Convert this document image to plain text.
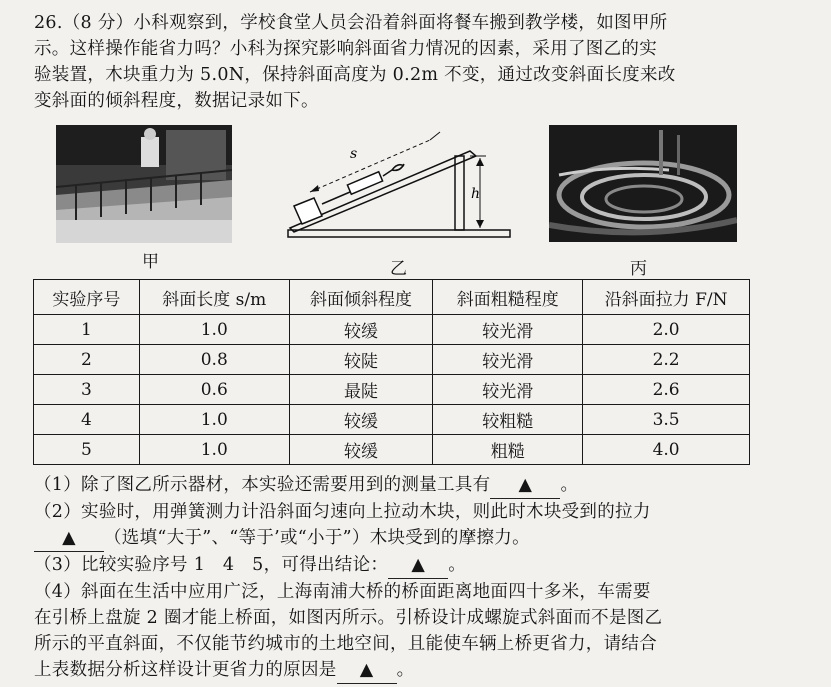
26.（8 分）小科观察到，学校食堂人员会沿着斜面将餐车搬到教学楼，如图甲所
示。这样操作能省力吗？小科为探究影响斜面省力情况的因素，采用了图乙的实
验装置，木块重力为 5.0N，保持斜面高度为 0.2m 不变，通过改变斜面长度来改
变斜面的倾斜程度，数据记录如下。
s
h
甲	乙	丙
实验序号	斜面长度 s/m	斜面倾斜程度	斜面粗糙程度	沿斜面拉力 F/N
1	1.0	较缓	较光滑	2.0
2	0.8	较陡	较光滑	2.2
3	0.6	最陡	较光滑	2.6
4	1.0	较缓	较粗糙	3.5
5	1.0	较缓	粗糙	4.0
（1）除了图乙所示器材，本实验还需要用到的测量工具有 ▲ 。
（2）实验时，用弹簧测力计沿斜面匀速向上拉动木块，则此时木块受到的拉力
▲ （选填“大于”、“等于’或“小于”）木块受到的摩擦力。
（3）比较实验序号 1　4　5，可得出结论： ▲ 。
（4）斜面在生活中应用广泛，上海南浦大桥的桥面距离地面四十多米，车需要
在引桥上盘旋 2 圈才能上桥面，如图丙所示。引桥设计成螺旋式斜面而不是图乙
所示的平直斜面，不仅能节约城市的土地空间，且能使车辆上桥更省力，请结合
上表数据分析这样设计更省力的原因是 ▲ 。
